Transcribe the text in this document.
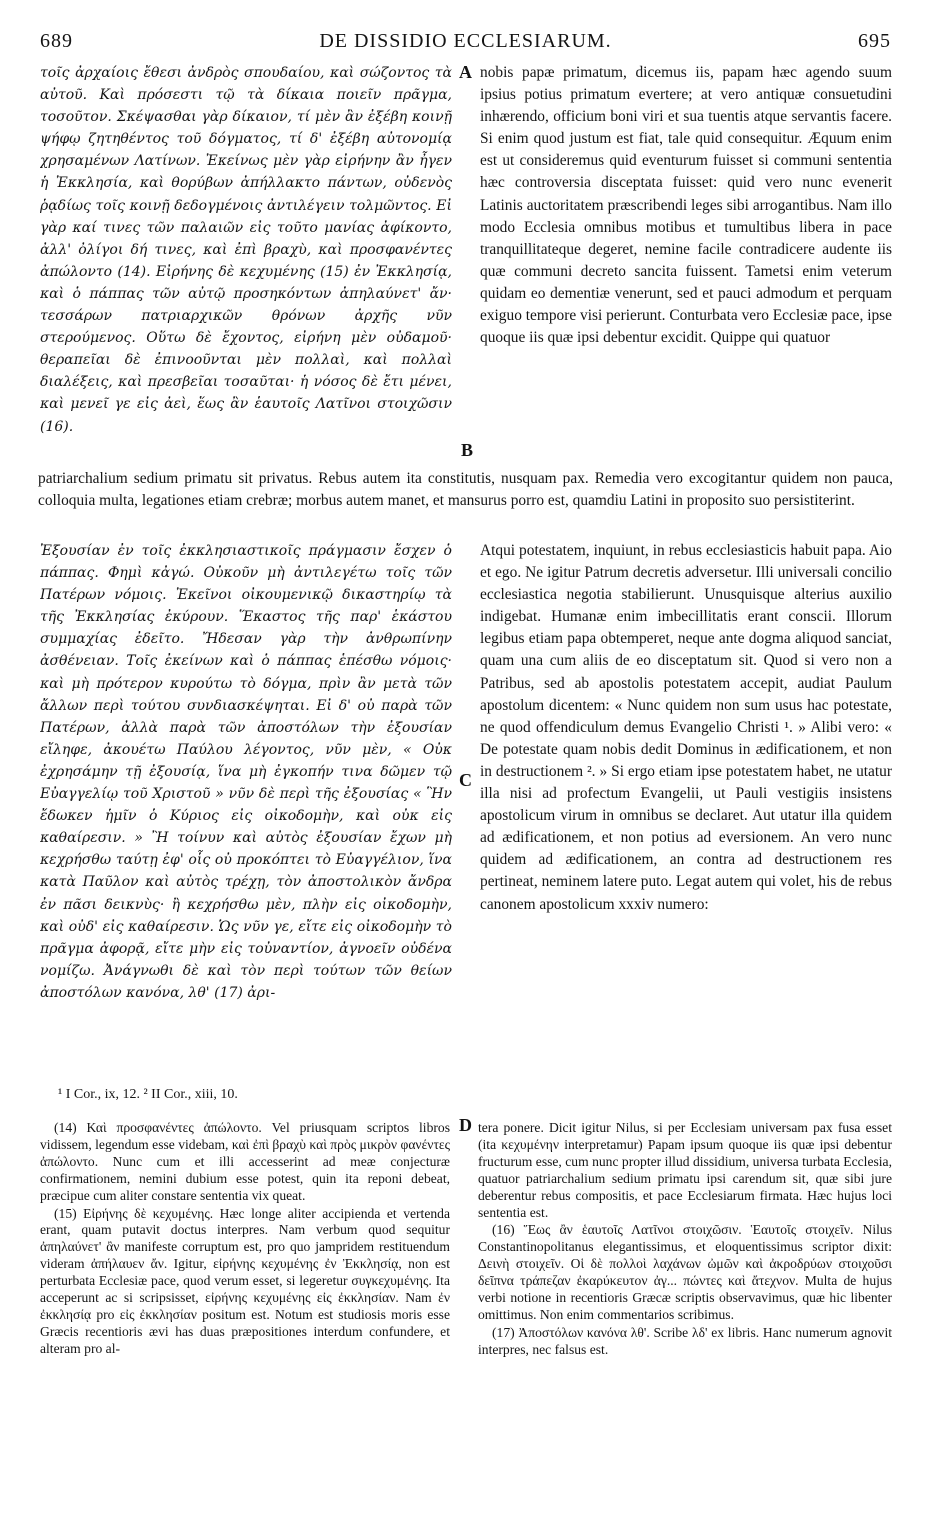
689	DE DISSIDIO ECCLESIARUM.	695
τοῖς ἀρχαίοις ἔθεσι ἀνδρὸς σπουδαίου, καὶ σώζοντος τὰ αὐτοῦ. Καὶ πρόσεστι τῷ τὰ δίκαια ποιεῖν πρᾶγμα, τοσοῦτον. Σκέψασθαι γὰρ δίκαιον, τί μὲν ἂν ἐξέβη κοινῇ ψήφῳ ζητηθέντος τοῦ δόγματος, τί δ' ἐξέβη αὐτονομίᾳ χρησαμένων Λατίνων. Ἐκείνως μὲν γὰρ εἰρήνην ἂν ἦγεν ἡ Ἐκκλησία, καὶ θορύβων ἀπήλλακτο πάντων, οὐδενὸς ῥᾳδίως τοῖς κοινῇ δεδογμένοις ἀντιλέγειν τολμῶντος. Εἰ γὰρ καί τινες τῶν παλαιῶν εἰς τοῦτο μανίας ἀφίκοντο, ἀλλ' ὀλίγοι δή τινες, καὶ ἐπὶ βραχὺ, καὶ προσφανέντες ἀπώλοντο (14). Εἰρήνης δὲ κεχυμένης (15) ἐν Ἐκκλησίᾳ, καὶ ὁ πάππας τῶν αὐτῷ προσηκόντων ἀπηλαύνετ' ἄν· τεσσάρων πατριαρχικῶν θρόνων ἀρχῆς νῦν στερούμενος. Οὕτω δὲ ἔχοντος, εἰρήνη μὲν οὐδαμοῦ· θεραπεῖαι δὲ ἐπινοοῦνται μὲν πολλαὶ, καὶ πολλαὶ διαλέξεις, καὶ πρεσβεῖαι τοσαῦται· ἡ νόσος δὲ ἔτι μένει, καὶ μενεῖ γε εἰς ἀεὶ, ἕως ἂν ἑαυτοῖς Λατῖνοι στοιχῶσιν (16).
nobis papæ primatum, dicemus iis, papam hæc agendo suum ipsius potius primatum evertere; at vero antiquæ consuetudini inhærendo, officium boni viri et sua tuentis atque servantis facere. Si enim quod justum est fiat, tale quid consequitur. Æquum enim est ut consideremus quid eventurum fuisset si communi sententia hæc controversia disceptata fuisset: quid vero nunc evenerit Latinis auctoritatem præscribendi leges sibi arrogantibus. Nam illo modo Ecclesia omnibus motibus et tumultibus libera in pace tranquillitateque degeret, nemine facile contradicere audente iis quæ communi decreto sancita fuissent. Tametsi enim veterum quidam eo dementiæ venerunt, sed et pauci admodum et perquam exiguo tempore visi perierunt. Conturbata vero Ecclesiæ pace, ipse quoque iis quæ ipsi debentur excidit. Quippe qui quatuor
A
B
patriarchalium sedium primatu sit privatus. Rebus autem ita constitutis, nusquam pax. Remedia vero excogitantur quidem non pauca, colloquia multa, legationes etiam crebræ; morbus autem manet, et mansurus porro est, quamdiu Latini in proposito suo persistiterint.
Ἐξουσίαν ἐν τοῖς ἐκκλησιαστικοῖς πράγμασιν ἔσχεν ὁ πάππας. Φημὶ κἀγώ. Οὐκοῦν μὴ ἀντιλεγέτω τοῖς τῶν Πατέρων νόμοις. Ἐκεῖνοι οἰκουμενικῷ δικαστηρίῳ τὰ τῆς Ἐκκλησίας ἐκύρουν. Ἕκαστος τῆς παρ' ἑκάστου συμμαχίας ἐδεῖτο. Ἤδεσαν γὰρ τὴν ἀνθρωπίνην ἀσθένειαν. Τοῖς ἐκείνων καὶ ὁ πάππας ἑπέσθω νόμοις· καὶ μὴ πρότερον κυρούτω τὸ δόγμα, πρὶν ἂν μετὰ τῶν ἄλλων περὶ τούτου συνδιασκέψηται. Εἰ δ' οὐ παρὰ τῶν Πατέρων, ἀλλὰ παρὰ τῶν ἀποστόλων τὴν ἐξουσίαν εἴληφε, ἀκουέτω Παύλου λέγοντος, νῦν μὲν, « Οὐκ ἐχρησάμην τῇ ἐξουσίᾳ, ἵνα μὴ ἐγκοπήν τινα δῶμεν τῷ Εὐαγγελίῳ τοῦ Χριστοῦ » νῦν δὲ περὶ τῆς ἐξουσίας « Ἣν ἔδωκεν ἡμῖν ὁ Κύριος εἰς οἰκοδομὴν, καὶ οὐκ εἰς καθαίρεσιν. » Ἢ τοίνυν καὶ αὐτὸς ἐξουσίαν ἔχων μὴ κεχρήσθω ταύτῃ ἐφ' οἷς οὐ προκόπτει τὸ Εὐαγγέλιον, ἵνα κατὰ Παῦλον καὶ αὐτὸς τρέχῃ, τὸν ἀποστολικὸν ἄνδρα ἐν πᾶσι δεικνὺς· ἢ κεχρήσθω μὲν, πλὴν εἰς οἰκοδομὴν, καὶ οὐδ' εἰς καθαίρεσιν. Ὡς νῦν γε, εἴτε εἰς οἰκοδομὴν τὸ πρᾶγμα ἀφορᾷ, εἴτε μὴν εἰς τοὐναντίον, ἀγνοεῖν οὐδένα νομίζω. Ἀνάγνωθι δὲ καὶ τὸν περὶ τούτων τῶν θείων ἀποστόλων κανόνα, λθ' (17) ἀρι-
Atqui potestatem, inquiunt, in rebus ecclesiasticis habuit papa. Aio et ego. Ne igitur Patrum decretis adversetur. Illi universali concilio ecclesiastica negotia stabilierunt. Unusquisque alterius auxilio indigebat. Humanæ enim imbecillitatis erant conscii. Illorum legibus etiam papa obtemperet, neque ante dogma aliquod sanciat, quam una cum aliis de eo disceptatum sit. Quod si vero non a Patribus, sed ab apostolis potestatem accepit, audiat Paulum apostolum dicentem: « Nunc quidem non sum usus hac potestate, ne quod offendiculum demus Evangelio Christi ¹. » Alibi vero: « De potestate quam nobis dedit Dominus in ædificationem, et non in destructionem ². » Si ergo etiam ipse potestatem habet, ne utatur illa nisi ad profectum Evangelii, ut Pauli vestigiis insistens apostolicum virum in omnibus se declaret. Aut utatur illa quidem ad ædificationem, et non potius ad eversionem. An vero nunc quidem ad ædificationem, an contra ad destructionem res pertineat, neminem latere puto. Legat autem qui volet, his de rebus canonem apostolicum xxxiv numero:
C
¹ I Cor., ix, 12. ² II Cor., xiii, 10.
D

(14) Καὶ προσφανέντες ἀπώλοντο. Vel priusquam scriptos libros vidissem, legendum esse videbam, καὶ ἐπὶ βραχὺ καὶ πρὸς μικρὸν φανέντες ἀπώλοντο. Nunc cum et illi accesserint ad meæ conjecturæ confirmationem, nemini dubium esse potest, quin ita reponi debeat, præcipue cum aliter constare sententia vix queat.

(15) Εἰρήνης δὲ κεχυμένης. Hæc longe aliter accipienda et vertenda erant, quam putavit doctus interpres. Nam verbum quod sequitur ἀπηλαύνετ' ἂν manifeste corruptum est, pro quo jampridem restituendum videram ἀπήλαυεν ἄν. Igitur, εἰρήνης κεχυμένης ἐν Ἐκκλησίᾳ, non est perturbata Ecclesiæ pace, quod verum esset, si legeretur συγκεχυμένης. Ita acceperunt ac si scripsisset, εἰρήνης κεχυμένης εἰς ἐκκλησίαν. Nam ἐν ἐκκλησίᾳ pro εἰς ἐκκλησίαν positum est. Notum est studiosis moris esse Græcis recentioris ævi has duas præpositiones interdum confundere, et alteram pro al-

tera ponere. Dicit igitur Nilus, si per Ecclesiam universam pax fusa esset (ita κεχυμένην interpretamur) Papam ipsum quoque iis quæ ipsi debentur fructurum esse, cum nunc propter illud dissidium, universa turbata Ecclesia, quatuor patriarchalium sedium primatu ipsi carendum sit, quæ sibi jure deberentur rebus compositis, et pace Ecclesiarum firmata. Hæc hujus loci sententia est.

(16) Ἕως ἂν ἑαυτοῖς Λατῖνοι στοιχῶσιν. Ἑαυτοῖς στοιχεῖν. Nilus Constantinopolitanus elegantissimus, et eloquentissimus scriptor dixit: Δεινὴ στοιχεῖν. Οἱ δὲ πολλοὶ λαχάνων ὠμῶν καὶ ἀκροδρύων στοιχοῦσι δεῖπνα τράπεζαν ἐκαρύκευτον ἀγ... πώντες καὶ ἄτεχνον. Multa de hujus verbi notione in recentioris Græcæ scriptis observavimus, quæ hic libenter omittimus. Non enim commentarios scribimus.

(17) Ἀποστόλων κανόνα λθ'. Scribe λδ' ex libris. Hanc numerum agnovit interpres, nec falsus est.
